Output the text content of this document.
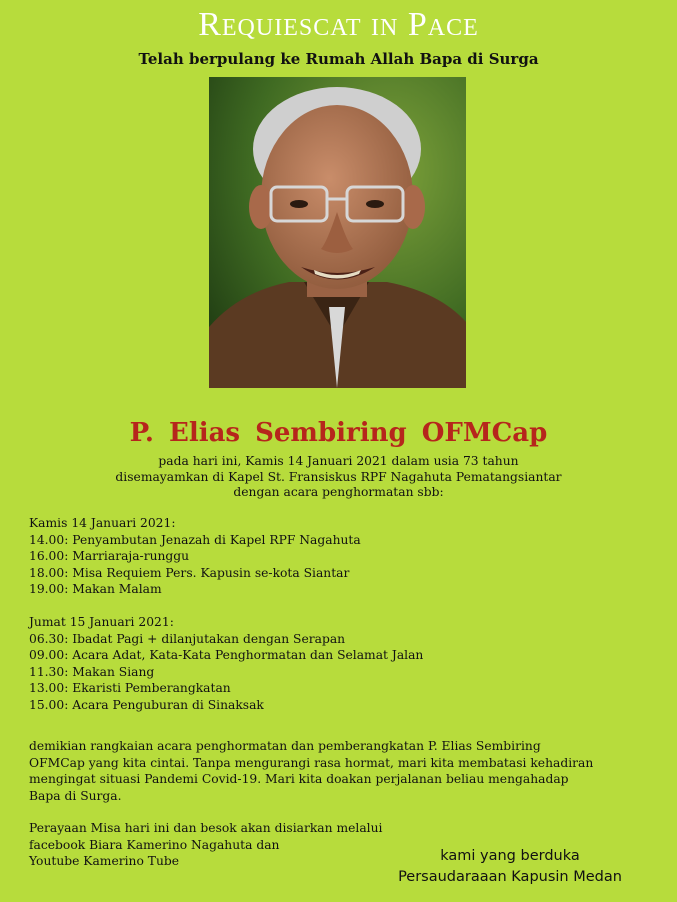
Requiescat in Pace
Telah berpulang ke Rumah Allah Bapa di Surga
P. Elias Sembiring OFMCap
pada hari ini, Kamis 14 Januari 2021 dalam usia 73 tahun
disemayamkan di Kapel St. Fransiskus RPF Nagahuta Pematangsiantar
dengan acara penghormatan sbb:
Kamis 14 Januari 2021:
14.00: Penyambutan Jenazah di Kapel RPF Nagahuta
16.00: Marriaraja-runggu
18.00: Misa Requiem Pers. Kapusin se-kota Siantar
19.00: Makan Malam
Jumat 15 Januari 2021:
06.30: Ibadat Pagi + dilanjutakan dengan Serapan
09.00: Acara Adat, Kata-Kata Penghormatan dan Selamat Jalan
11.30: Makan Siang
13.00: Ekaristi Pemberangkatan
15.00: Acara Penguburan di Sinaksak
demikian rangkaian acara penghormatan dan pemberangkatan P. Elias Sembiring
OFMCap yang kita cintai. Tanpa mengurangi rasa hormat, mari kita membatasi kehadiran
mengingat situasi Pandemi Covid-19. Mari kita doakan perjalanan beliau mengahadap
Bapa di Surga.
Perayaan Misa hari ini dan besok akan disiarkan melalui
facebook Biara Kamerino Nagahuta dan
Youtube Kamerino Tube	kami yang berduka
Persaudaraaan Kapusin Medan
